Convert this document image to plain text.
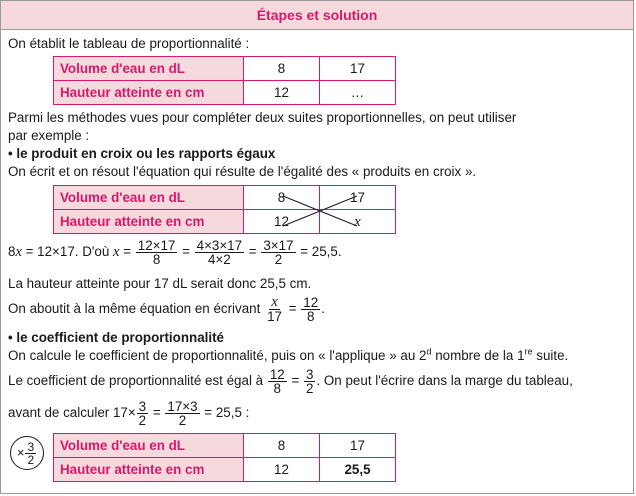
Étapes et solution
On établit le tableau de proportionnalité :
Volume d'eau en dL	8	17
Hauteur atteinte en cm	12	…
Parmi les méthodes vues pour compléter deux suites proportionnelles, on peut utiliser
par exemple :
• le produit en croix ou les rapports égaux
On écrit et on résout l'équation qui résulte de l'égalité des « produits en croix ».
Volume d'eau en dL	8	17
Hauteur atteinte en cm	12	x
8x = 12×17. D'où $x = \frac{12\times 17}{8} = \frac{4\times 3\times 17}{4\times 2} = \frac{3\times 17}{2} = 25,5$.
La hauteur atteinte pour 17 dL serait donc 25,5 cm.
On aboutit à la même équation en écrivant $\frac{x}{17} = \frac{12}{8}$ .
• le coefficient de proportionnalité
On calcule le coefficient de proportionnalité, puis on « l'applique » au 2$^d$ nombre de la 1re suite.
Le coefficient de proportionnalité est égal à $\frac{12}{8} = \frac{3}{2}$ . On peut l'écrire dans la marge du tableau,
avant de calculer $17\times \frac{3}{2} = \frac{17\times 3}{2} = 25,5$ :
× $\frac{3}{2}$ Volume d'eau en dL	8	17
Hauteur atteinte en cm	12	25,5
